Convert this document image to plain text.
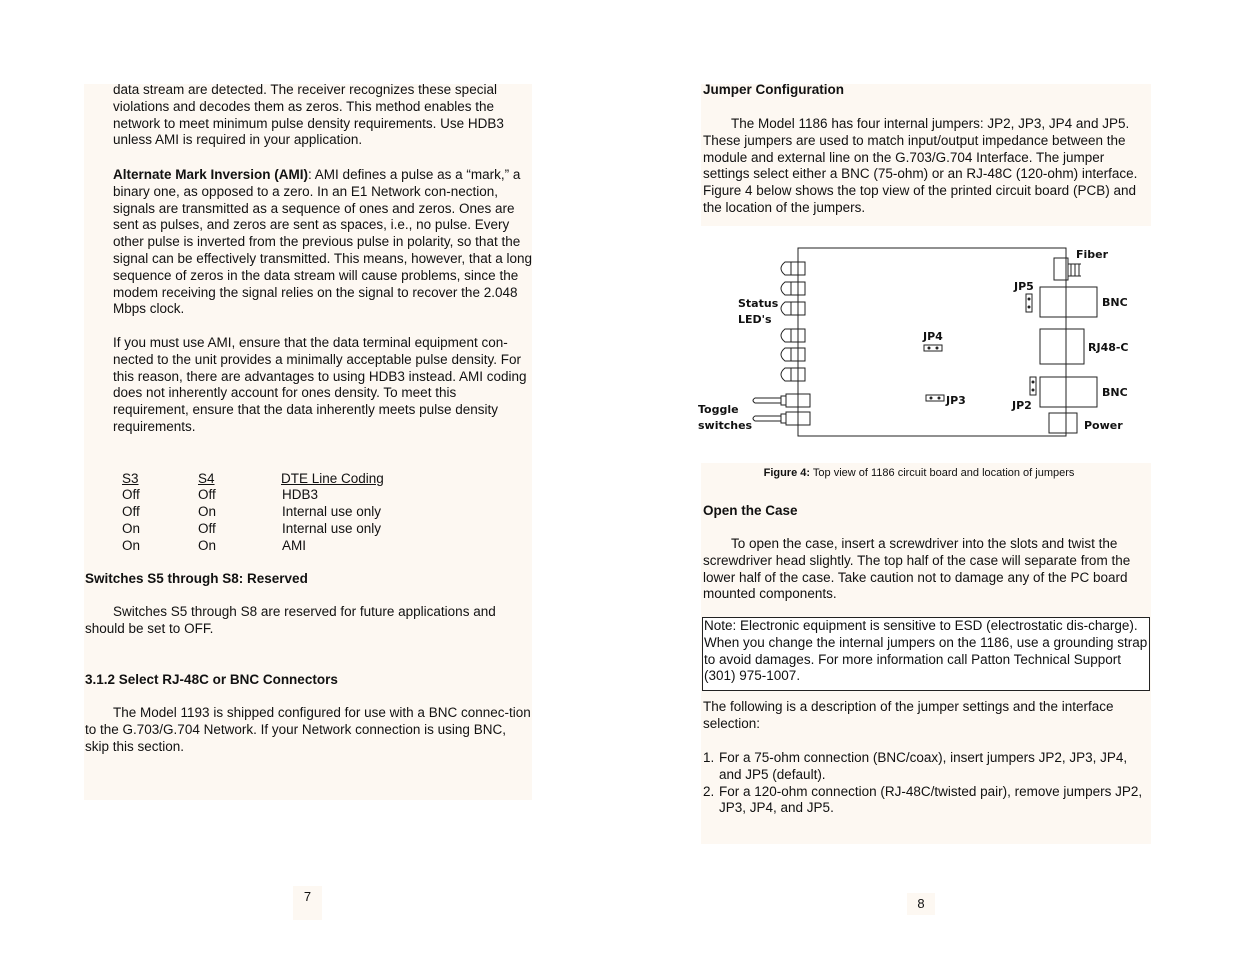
data stream are detected. The receiver recognizes these special violations and decodes them as zeros. This method enables the network to meet minimum pulse density requirements. Use HDB3 unless AMI is required in your application.

Alternate Mark Inversion (AMI): AMI defines a pulse as a “mark,” a binary one, as opposed to a zero. In an E1 Network con-nection, signals are transmitted as a sequence of ones and zeros. Ones are sent as pulses, and zeros are sent as spaces, i.e., no pulse. Every other pulse is inverted from the previous pulse in polarity, so that the signal can be effectively transmitted. This means, however, that a long sequence of zeros in the data stream will cause problems, since the modem receiving the signal relies on the signal to recover the 2.048 Mbps clock.

If you must use AMI, ensure that the data terminal equipment con-nected to the unit provides a minimally acceptable pulse density. For this reason, there are advantages to using HDB3 instead. AMI coding does not inherently account for ones density. To meet this requirement, ensure that the data inherently meets pulse density requirements.

S3	S4	DTE Line Coding
Off	Off	HDB3
Off	On	Internal use only
On	Off	Internal use only
On	On	AMI

Switches S5 through S8: Reserved

Switches S5 through S8 are reserved for future applications and should be set to OFF.

3.1.2 Select RJ-48C or BNC Connectors

The Model 1193 is shipped configured for use with a BNC connec-tion to the G.703/G.704 Network. If your Network connection is using BNC, skip this section.

7

Jumper Configuration

The Model 1186 has four internal jumpers: JP2, JP3, JP4 and JP5. These jumpers are used to match input/output impedance between the module and external line on the G.703/G.704 Interface. The jumper settings select either a BNC (75-ohm) or an RJ-48C (120-ohm) interface. Figure 4 below shows the top view of the printed circuit board (PCB) and the location of the jumpers.

Fiber
JP5
BNC
Status
LED's
JP4
RJ48-C
BNC
JP3	JP2
Toggle
switches	Power
Figure 4: Top view of 1186 circuit board and location of jumpers

Open the Case

To open the case, insert a screwdriver into the slots and twist the screwdriver head slightly. The top half of the case will separate from the lower half of the case. Take caution not to damage any of the PC board mounted components.

Note: Electronic equipment is sensitive to ESD (electrostatic dis-charge). When you change the internal jumpers on the 1186, use a grounding strap to avoid damages. For more information call Patton Technical Support (301) 975-1007.

The following is a description of the jumper settings and the interface selection:

1. For a 75-ohm connection (BNC/coax), insert jumpers JP2, JP3, JP4, and JP5 (default).
2. For a 120-ohm connection (RJ-48C/twisted pair), remove jumpers JP2, JP3, JP4, and JP5.
8
